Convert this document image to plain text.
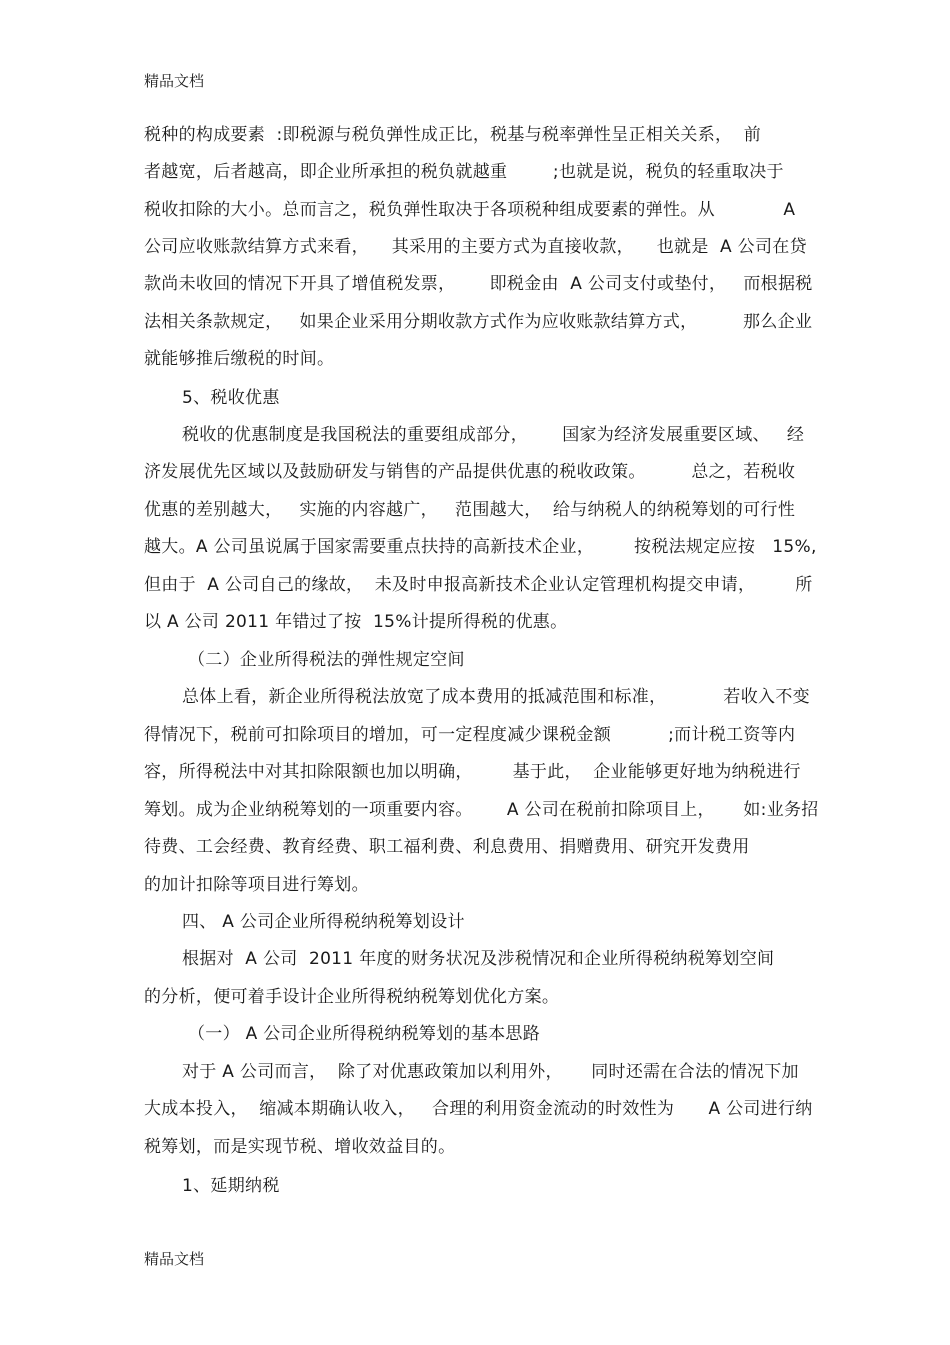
精品文档
税种的构成要素  :即税源与税负弹性成正比，税基与税率弹性呈正相关关系，  前
者越宽，后者越高，即企业所承担的税负就越重        ;也就是说，税负的轻重取决于
税收扣除的大小。总而言之，税负弹性取决于各项税种组成要素的弹性。从            A
公司应收账款结算方式来看，    其采用的主要方式为直接收款，    也就是  A 公司在贷
款尚未收回的情况下开具了增值税发票，      即税金由  A 公司支付或垫付，   而根据税
法相关条款规定，   如果企业采用分期收款方式作为应收账款结算方式，        那么企业
就能够推后缴税的时间。
5、税收优惠
税收的优惠制度是我国税法的重要组成部分，      国家为经济发展重要区域、   经
济发展优先区域以及鼓励研发与销售的产品提供优惠的税收政策。        总之，若税收
优惠的差别越大，   实施的内容越广，   范围越大，  给与纳税人的纳税筹划的可行性
越大。A 公司虽说属于国家需要重点扶持的高新技术企业，       按税法规定应按   15%,
但由于  A 公司自己的缘故，  未及时申报高新技术企业认定管理机构提交申请，       所
以 A 公司 2011 年错过了按  15%计提所得税的优惠。
（二）企业所得税法的弹性规定空间
总体上看，新企业所得税法放宽了成本费用的抵减范围和标准，          若收入不变
得情况下，税前可扣除项目的增加，可一定程度减少课税金额          ;而计税工资等内
容，所得税法中对其扣除限额也加以明确，       基于此，  企业能够更好地为纳税进行
筹划。成为企业纳税筹划的一项重要内容。      A 公司在税前扣除项目上，     如:业务招
待费、工会经费、教育经费、职工福利费、利息费用、捐赠费用、研究开发费用
的加计扣除等项目进行筹划。
四、 A 公司企业所得税纳税筹划设计
根据对  A 公司  2011 年度的财务状况及涉税情况和企业所得税纳税筹划空间
的分析，便可着手设计企业所得税纳税筹划优化方案。
（一） A 公司企业所得税纳税筹划的基本思路
对于 A 公司而言，  除了对优惠政策加以利用外，     同时还需在合法的情况下加
大成本投入，  缩减本期确认收入，   合理的利用资金流动的时效性为      A 公司进行纳
税筹划，而是实现节税、增收效益目的。
1、延期纳税
精品文档
